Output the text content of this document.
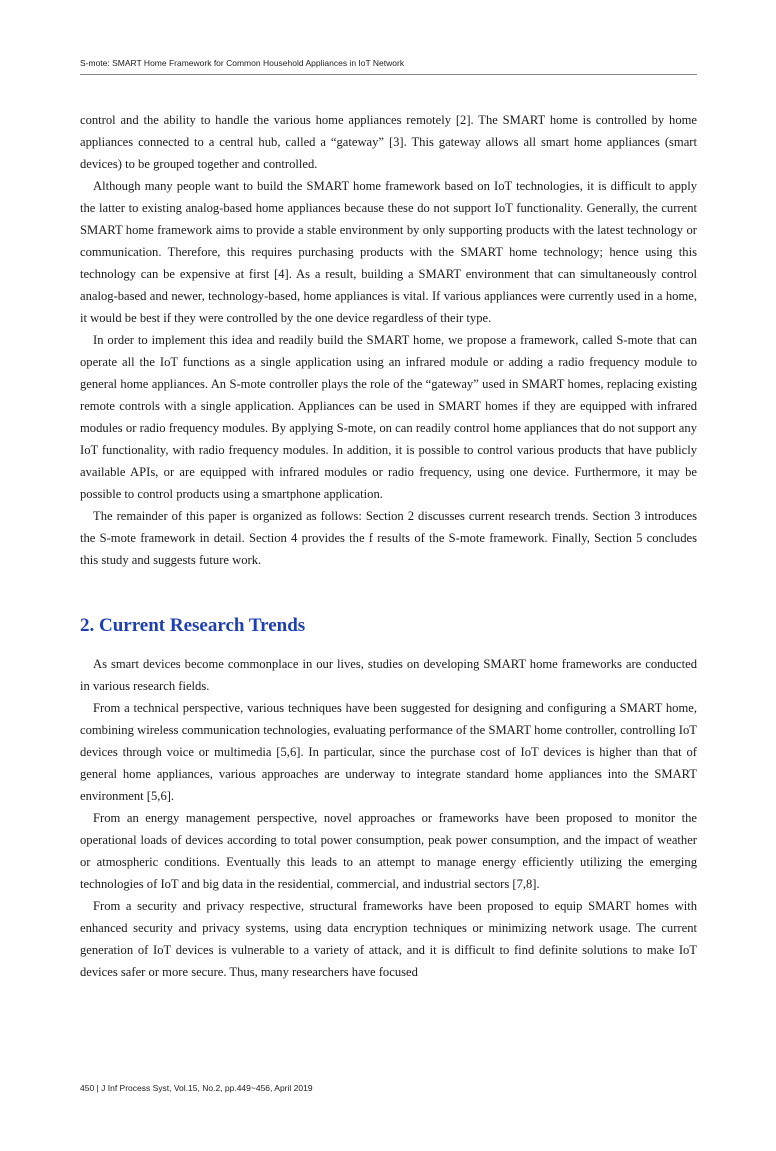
S-mote: SMART Home Framework for Common Household Appliances in IoT Network

control and the ability to handle the various home appliances remotely [2]. The SMART home is controlled by home appliances connected to a central hub, called a “gateway” [3]. This gateway allows all smart home appliances (smart devices) to be grouped together and controlled.

Although many people want to build the SMART home framework based on IoT technologies, it is difficult to apply the latter to existing analog-based home appliances because these do not support IoT functionality. Generally, the current SMART home framework aims to provide a stable environment by only supporting products with the latest technology or communication. Therefore, this requires purchasing products with the SMART home technology; hence using this technology can be expensive at first [4]. As a result, building a SMART environment that can simultaneously control analog-based and newer, technology-based, home appliances is vital. If various appliances were currently used in a home, it would be best if they were controlled by the one device regardless of their type.

In order to implement this idea and readily build the SMART home, we propose a framework, called S-mote that can operate all the IoT functions as a single application using an infrared module or adding a radio frequency module to general home appliances. An S-mote controller plays the role of the “gateway” used in SMART homes, replacing existing remote controls with a single application. Appliances can be used in SMART homes if they are equipped with infrared modules or radio frequency modules. By applying S-mote, on can readily control home appliances that do not support any IoT functionality, with radio frequency modules. In addition, it is possible to control various products that have publicly available APIs, or are equipped with infrared modules or radio frequency, using one device. Furthermore, it may be possible to control products using a smartphone application.

The remainder of this paper is organized as follows: Section 2 discusses current research trends. Section 3 introduces the S-mote framework in detail. Section 4 provides the f results of the S-mote framework. Finally, Section 5 concludes this study and suggests future work.

2. Current Research Trends

As smart devices become commonplace in our lives, studies on developing SMART home frameworks are conducted in various research fields.

From a technical perspective, various techniques have been suggested for designing and configuring a SMART home, combining wireless communication technologies, evaluating performance of the SMART home controller, controlling IoT devices through voice or multimedia [5,6]. In particular, since the purchase cost of IoT devices is higher than that of general home appliances, various approaches are underway to integrate standard home appliances into the SMART environment [5,6].

From an energy management perspective, novel approaches or frameworks have been proposed to monitor the operational loads of devices according to total power consumption, peak power consumption, and the impact of weather or atmospheric conditions. Eventually this leads to an attempt to manage energy efficiently utilizing the emerging technologies of IoT and big data in the residential, commercial, and industrial sectors [7,8].

From a security and privacy respective, structural frameworks have been proposed to equip SMART homes with enhanced security and privacy systems, using data encryption techniques or minimizing network usage. The current generation of IoT devices is vulnerable to a variety of attack, and it is difficult to find definite solutions to make IoT devices safer or more secure. Thus, many researchers have focused

450 | J Inf Process Syst, Vol.15, No.2, pp.449~456, April 2019
